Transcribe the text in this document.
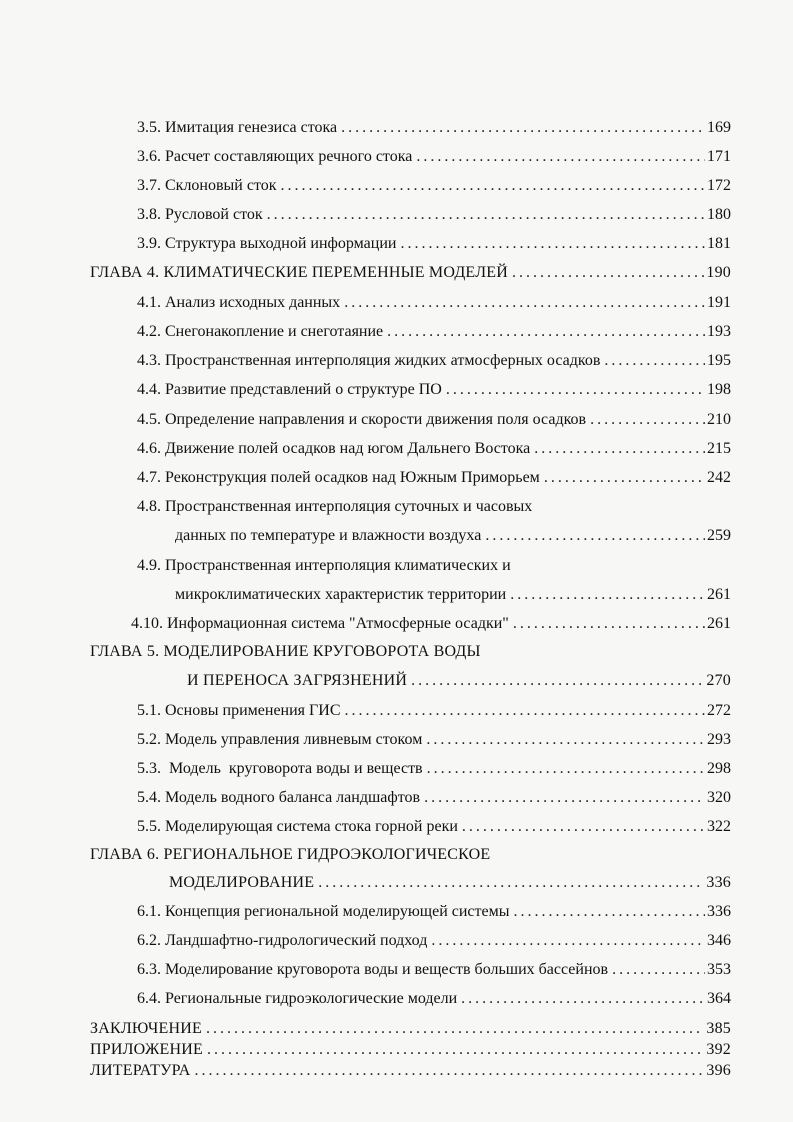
3.5. Имитация генезиса стока .....	169
3.6. Расчет составляющих речного стока .....	171
3.7. Склоновый сток .....	172
3.8. Русловой сток .....	180
3.9. Структура выходной информации .....	181
ГЛАВА 4. КЛИМАТИЧЕСКИЕ ПЕРЕМЕННЫЕ МОДЕЛЕЙ .....	190
4.1. Анализ исходных данных .....	191
4.2. Снегонакопление и снеготаяние .....	193
4.3. Пространственная интерполяция жидких атмосферных осадков .....	195
4.4. Развитие представлений о структуре ПО .....	198
4.5. Определение направления и скорости движения поля осадков .....	210
4.6. Движение полей осадков над югом Дальнего Востока .....	215
4.7. Реконструкция полей осадков над Южным Приморьем .....	242
4.8. Пространственная интерполяция суточных и часовых
данных по температуре и влажности воздуха .....	259
4.9. Пространственная интерполяция климатических и
микроклиматических характеристик территории .....	261
4.10. Информационная система "Атмосферные осадки" .....	261
ГЛАВА 5. МОДЕЛИРОВАНИЕ КРУГОВОРОТА ВОДЫ
И ПЕРЕНОСА ЗАГРЯЗНЕНИЙ .....	270
5.1. Основы применения ГИС .....	272
5.2. Модель управления ливневым стоком .....	293
5.3.  Модель  круговорота воды и веществ .....	298
5.4. Модель водного баланса ландшафтов .....	320
5.5. Моделирующая система стока горной реки .....	322
ГЛАВА 6. РЕГИОНАЛЬНОЕ ГИДРОЭКОЛОГИЧЕСКОЕ
МОДЕЛИРОВАНИЕ .....	336
6.1. Концепция региональной моделирующей системы .....	336
6.2. Ландшафтно-гидрологический подход .....	346
6.3. Моделирование круговорота воды и веществ больших бассейнов .....	353
6.4. Региональные гидроэкологические модели .....	364
ЗАКЛЮЧЕНИЕ .....	385
ПРИЛОЖЕНИЕ .....	392
ЛИТЕРАТУРА .....	396
